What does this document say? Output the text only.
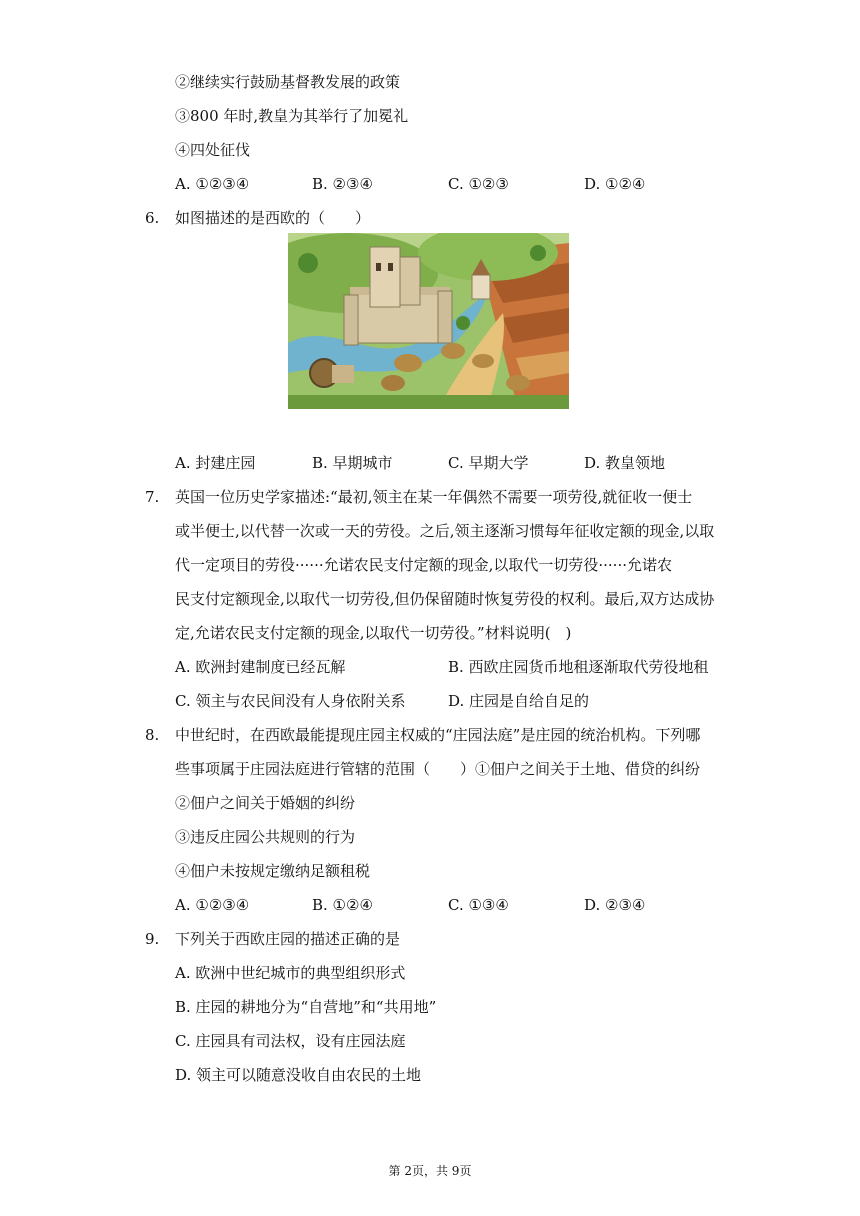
②继续实行鼓励基督教发展的政策
③800 年时,教皇为其举行了加冕礼
④四处征伐
A. ①②③④	B. ②③④	C. ①②③	D. ①②④
6. 如图描述的是西欧的（　　）
A. 封建庄园	B. 早期城市	C. 早期大学	D. 教皇领地
7. 英国一位历史学家描述:“最初,领主在某一年偶然不需要一项劳役,就征收一便士
或半便士,以代替一次或一天的劳役。之后,领主逐渐习惯每年征收定额的现金,以取
代一定项目的劳役······允诺农民支付定额的现金,以取代一切劳役······允诺农
民支付定额现金,以取代一切劳役,但仍保留随时恢复劳役的权利。最后,双方达成协
定,允诺农民支付定额的现金,以取代一切劳役。”材料说明(　)
A. 欧洲封建制度已经瓦解	B. 西欧庄园货币地租逐渐取代劳役地租
C. 领主与农民间没有人身依附关系	D. 庄园是自给自足的
8. 中世纪时，在西欧最能提现庄园主权威的“庄园法庭”是庄园的统治机构。下列哪
些事项属于庄园法庭进行管辖的范围（　　）①佃户之间关于土地、借贷的纠纷
②佃户之间关于婚姻的纠纷
③违反庄园公共规则的行为
④佃户未按规定缴纳足额租税
A. ①②③④	B. ①②④	C. ①③④	D. ②③④
9. 下列关于西欧庄园的描述正确的是
A. 欧洲中世纪城市的典型组织形式
B. 庄园的耕地分为“自营地”和“共用地”
C. 庄园具有司法权，设有庄园法庭
D. 领主可以随意没收自由农民的土地
第 2页，共 9页
